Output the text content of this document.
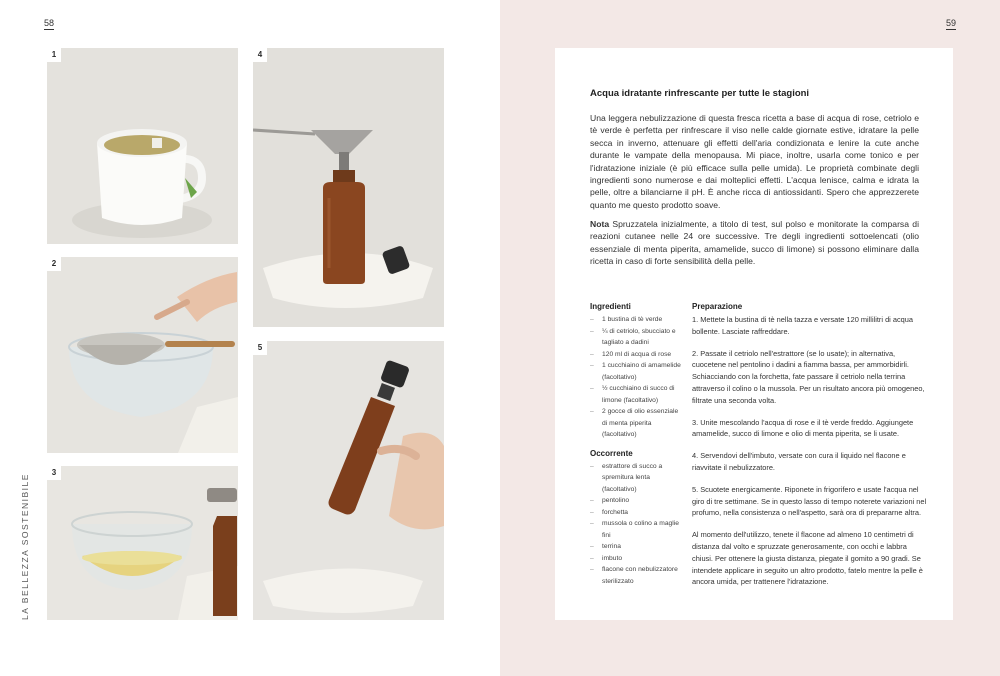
58
LA BELLEZZA SOSTENIBILE
1
2
3
4
5
59
Acqua idratante rinfrescante per tutte le stagioni

Una leggera nebulizzazione di questa fresca ricetta a base di acqua di rose, cetriolo e tè verde è perfetta per rinfrescare il viso nelle calde giornate estive, idratare la pelle secca in inverno, attenuare gli effetti dell'aria condizionata e lenire la cute anche durante le vampate della menopausa. Mi piace, inoltre, usarla come tonico e per l'idratazione iniziale (è più efficace sulla pelle umida). Le proprietà combinate degli ingredienti sono numerose e dai molteplici effetti. L'acqua lenisce, calma e idrata la pelle, oltre a bilanciarne il pH. È anche ricca di antiossidanti. Spero che apprezzerete quanto me questo prodotto soave.

Nota Spruzzatela inizialmente, a titolo di test, sul polso e monitorate la comparsa di reazioni cutanee nelle 24 ore successive. Tre degli ingredienti sottoelencati (olio essenziale di menta piperita, amamelide, succo di limone) si possono eliminare dalla ricetta in caso di forte sensibilità della pelle.

Ingredienti
– 1 bustina di tè verde
– ¼ di cetriolo, sbucciato e tagliato a dadini
– 120 ml di acqua di rose
– 1 cucchiaino di amamelide (facoltativo)
– ½ cucchiaino di succo di limone (facoltativo)
– 2 gocce di olio essenziale di menta piperita (facoltativo)
Occorrente
– estrattore di succo a spremitura lenta (facoltativo)
– pentolino
– forchetta
– mussola o colino a maglie fini
– terrina
– imbuto
– flacone con nebulizzatore sterilizzato
Preparazione

1. Mettete la bustina di tè nella tazza e versate 120 millilitri di acqua bollente. Lasciate raffreddare.

2. Passate il cetriolo nell'estrattore (se lo usate); in alternativa, cuocetene nel pentolino i dadini a fiamma bassa, per ammorbidirli. Schiacciando con la forchetta, fate passare il cetriolo nella terrina attraverso il colino o la mussola. Per un risultato ancora più omogeneo, filtrate una seconda volta.

3. Unite mescolando l'acqua di rose e il tè verde freddo. Aggiungete amamelide, succo di limone e olio di menta piperita, se li usate.

4. Servendovi dell'imbuto, versate con cura il liquido nel flacone e riavvitate il nebulizzatore.

5. Scuotete energicamente. Riponete in frigorifero e usate l'acqua nel giro di tre settimane. Se in questo lasso di tempo noterete variazioni nel profumo, nella consistenza o nell'aspetto, sarà ora di prepararne altra.

Al momento dell'utilizzo, tenete il flacone ad almeno 10 centimetri di distanza dal volto e spruzzate generosamente, con occhi e labbra chiusi. Per ottenere la giusta distanza, piegate il gomito a 90 gradi. Se intendete applicare in seguito un altro prodotto, fatelo mentre la pelle è ancora umida, per trattenere l'idratazione.
